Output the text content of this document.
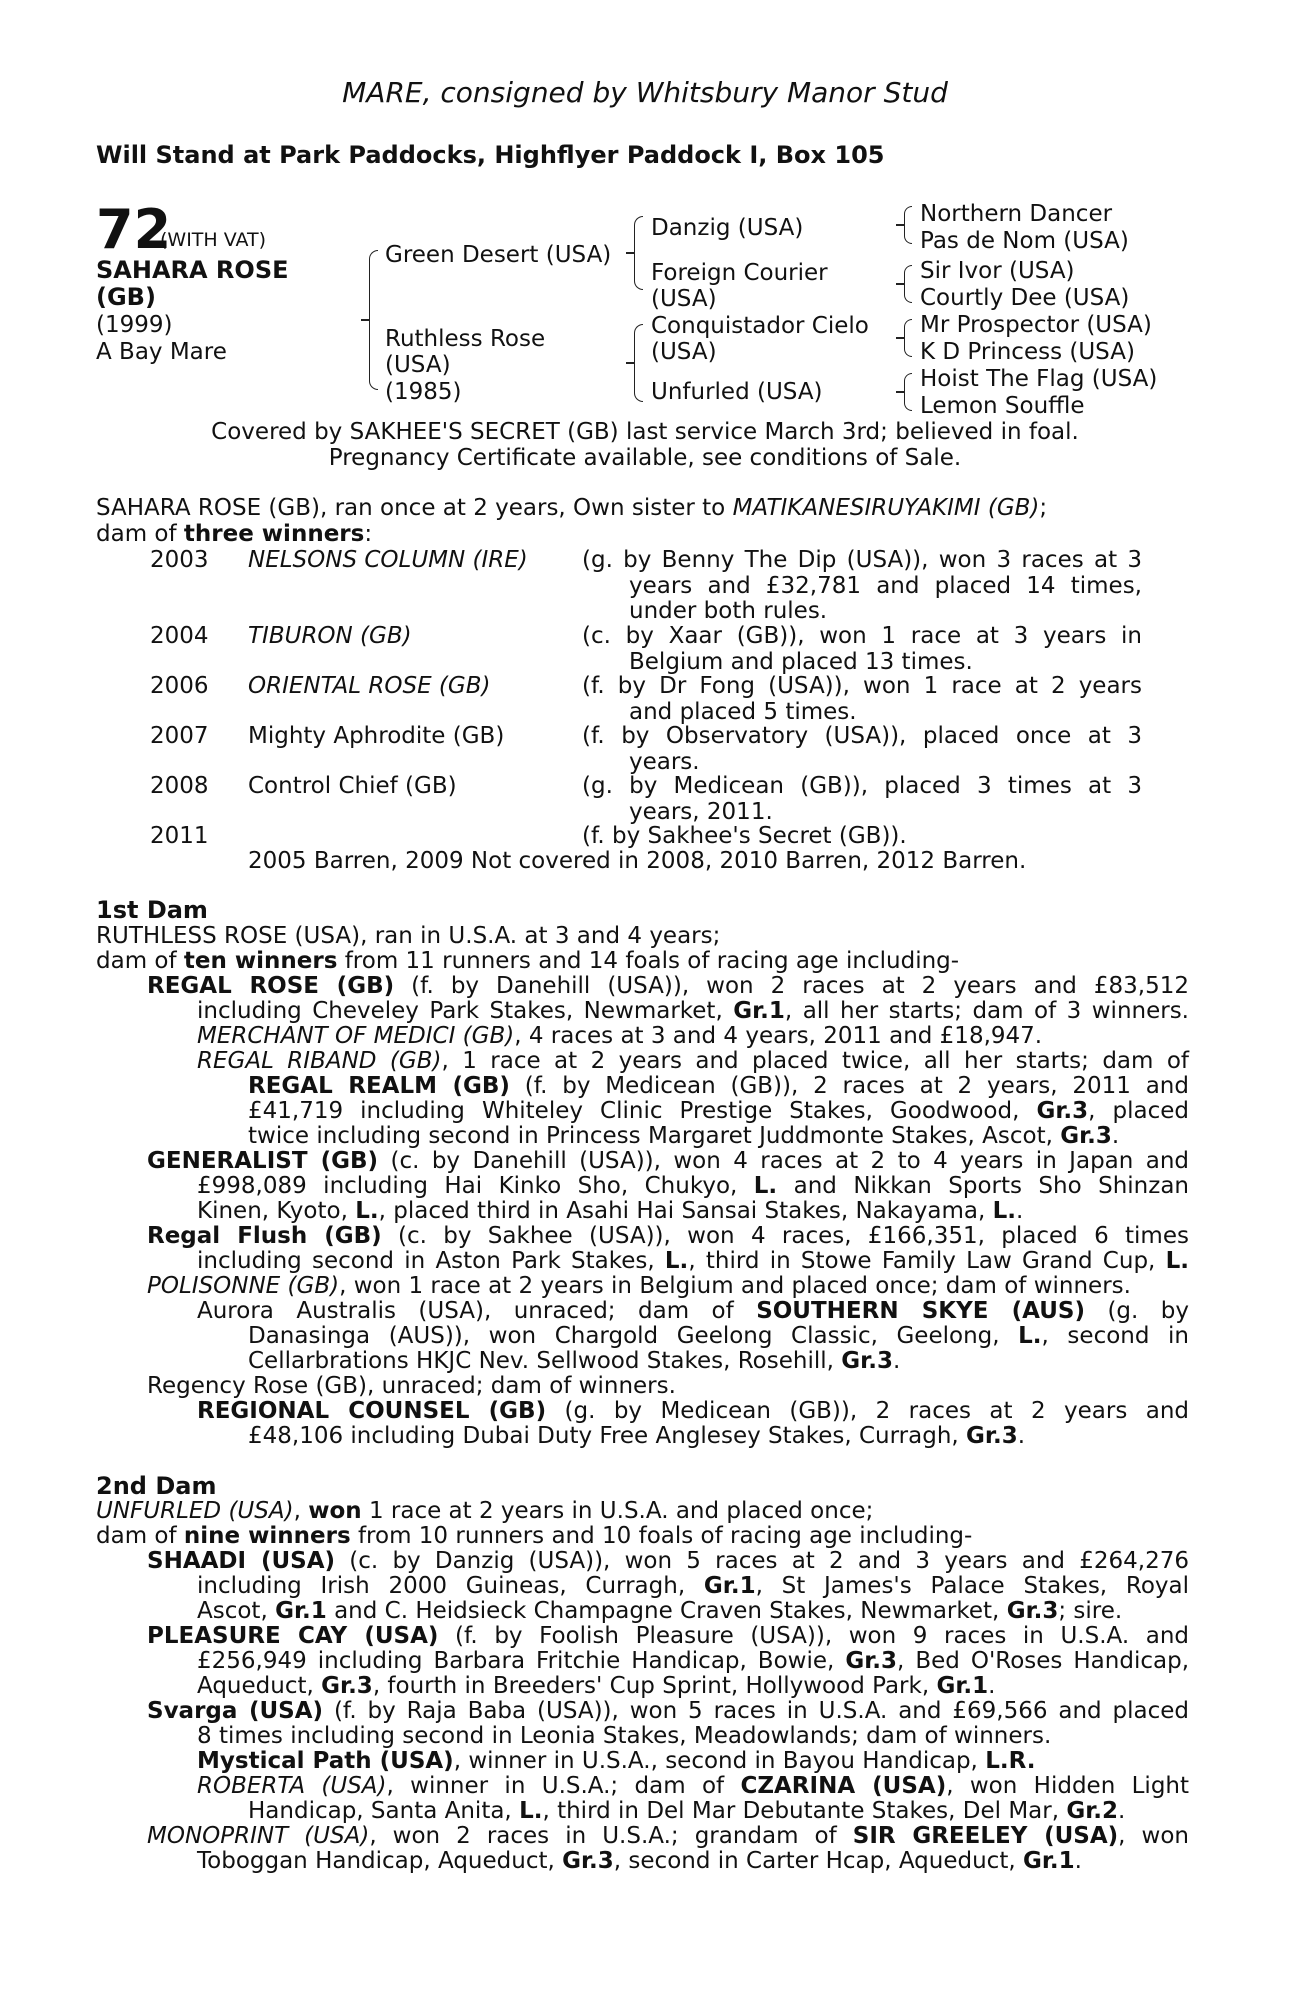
MARE, consigned by Whitsbury Manor Stud
Will Stand at Park Paddocks, Highflyer Paddock I, Box 105
72
(WITH VAT)
SAHARA ROSE
(GB)
(1999)
A Bay Mare
Green Desert (USA)
Ruthless Rose
(USA)
(1985)
Danzig (USA)
Foreign Courier
(USA)
Conquistador Cielo
(USA)
Unfurled (USA)
Northern Dancer
Pas de Nom (USA)
Sir Ivor (USA)
Courtly Dee (USA)
Mr Prospector (USA)
K D Princess (USA)
Hoist The Flag (USA)
Lemon Souffle
Covered by SAKHEE'S SECRET (GB) last service March 3rd; believed in foal.
Pregnancy Certificate available, see conditions of Sale.
SAHARA ROSE (GB), ran once at 2 years, Own sister to MATIKANESIRUYAKIMI (GB);
dam of three winners:
2003 NELSONS COLUMN (IRE) (g. by Benny The Dip (USA)), won 3 races at 3
years and £32,781 and placed 14 times,
under both rules.
2004 TIBURON (GB)	(c. by Xaar (GB)), won 1 race at 3 years in
Belgium and placed 13 times.
2006 ORIENTAL ROSE (GB)	(f. by Dr Fong (USA)), won 1 race at 2 years
and placed 5 times.
2007 Mighty Aphrodite (GB)	(f. by Observatory (USA)), placed once at 3
years.
2008 Control Chief (GB)	(g. by Medicean (GB)), placed 3 times at 3
years, 2011.
2011	(f. by Sakhee's Secret (GB)).
2005 Barren, 2009 Not covered in 2008, 2010 Barren, 2012 Barren.
1st Dam
RUTHLESS ROSE (USA), ran in U.S.A. at 3 and 4 years;
dam of ten winners from 11 runners and 14 foals of racing age including-
REGAL ROSE (GB) (f. by Danehill (USA)), won 2 races at 2 years and £83,512
including Cheveley Park Stakes, Newmarket, Gr.1, all her starts; dam of 3 winners.
MERCHANT OF MEDICI (GB), 4 races at 3 and 4 years, 2011 and £18,947.
REGAL RIBAND (GB), 1 race at 2 years and placed twice, all her starts; dam of
REGAL REALM (GB) (f. by Medicean (GB)), 2 races at 2 years, 2011 and
£41,719 including Whiteley Clinic Prestige Stakes, Goodwood, Gr.3, placed
twice including second in Princess Margaret Juddmonte Stakes, Ascot, Gr.3.
GENERALIST (GB) (c. by Danehill (USA)), won 4 races at 2 to 4 years in Japan and
£998,089 including Hai Kinko Sho, Chukyo, L. and Nikkan Sports Sho Shinzan
Kinen, Kyoto, L., placed third in Asahi Hai Sansai Stakes, Nakayama, L..
Regal Flush (GB) (c. by Sakhee (USA)), won 4 races, £166,351, placed 6 times
including second in Aston Park Stakes, L., third in Stowe Family Law Grand Cup, L.
POLISONNE (GB), won 1 race at 2 years in Belgium and placed once; dam of winners.
Aurora Australis (USA), unraced; dam of SOUTHERN SKYE (AUS) (g. by
Danasinga (AUS)), won Chargold Geelong Classic, Geelong, L., second in
Cellarbrations HKJC Nev. Sellwood Stakes, Rosehill, Gr.3.
Regency Rose (GB), unraced; dam of winners.
REGIONAL COUNSEL (GB) (g. by Medicean (GB)), 2 races at 2 years and
£48,106 including Dubai Duty Free Anglesey Stakes, Curragh, Gr.3.
2nd Dam
UNFURLED (USA), won 1 race at 2 years in U.S.A. and placed once;
dam of nine winners from 10 runners and 10 foals of racing age including-
SHAADI (USA) (c. by Danzig (USA)), won 5 races at 2 and 3 years and £264,276
including Irish 2000 Guineas, Curragh, Gr.1, St James's Palace Stakes, Royal
Ascot, Gr.1 and C. Heidsieck Champagne Craven Stakes, Newmarket, Gr.3; sire.
PLEASURE CAY (USA) (f. by Foolish Pleasure (USA)), won 9 races in U.S.A. and
£256,949 including Barbara Fritchie Handicap, Bowie, Gr.3, Bed O'Roses Handicap,
Aqueduct, Gr.3, fourth in Breeders' Cup Sprint, Hollywood Park, Gr.1.
Svarga (USA) (f. by Raja Baba (USA)), won 5 races in U.S.A. and £69,566 and placed
8 times including second in Leonia Stakes, Meadowlands; dam of winners.
Mystical Path (USA), winner in U.S.A., second in Bayou Handicap, L.R.
ROBERTA (USA), winner in U.S.A.; dam of CZARINA (USA), won Hidden Light
Handicap, Santa Anita, L., third in Del Mar Debutante Stakes, Del Mar, Gr.2.
MONOPRINT (USA), won 2 races in U.S.A.; grandam of SIR GREELEY (USA), won
Toboggan Handicap, Aqueduct, Gr.3, second in Carter Hcap, Aqueduct, Gr.1.
